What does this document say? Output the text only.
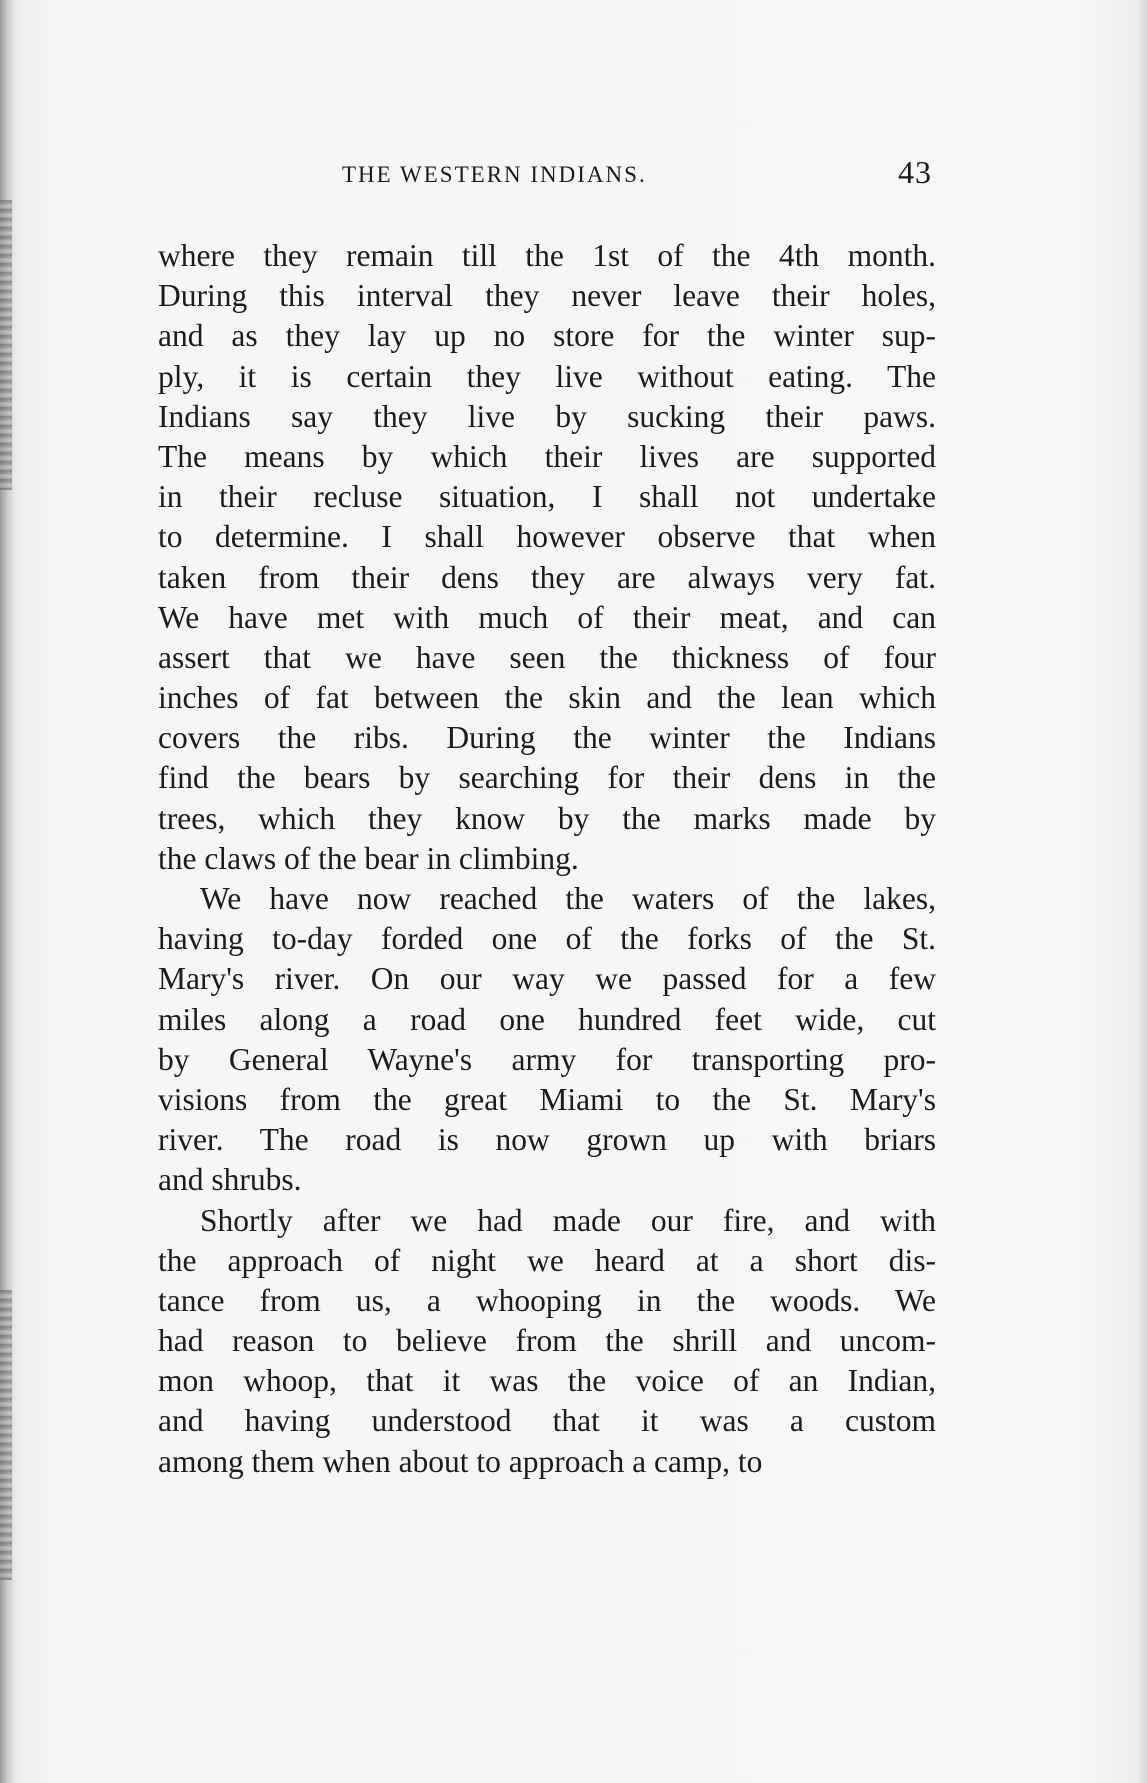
THE WESTERN INDIANS.	43
where they remain till the 1st of the 4th month.
During this interval they never leave their holes,
and as they lay up no store for the winter sup-
ply, it is certain they live without eating. The
Indians say they live by sucking their paws.
The means by which their lives are supported
in their recluse situation, I shall not undertake
to determine. I shall however observe that when
taken from their dens they are always very fat.
We have met with much of their meat, and can
assert that we have seen the thickness of four
inches of fat between the skin and the lean which
covers the ribs. During the winter the Indians
find the bears by searching for their dens in the
trees, which they know by the marks made by
the claws of the bear in climbing.
We have now reached the waters of the lakes,
having to-day forded one of the forks of the St.
Mary's river. On our way we passed for a few
miles along a road one hundred feet wide, cut
by General Wayne's army for transporting pro-
visions from the great Miami to the St. Mary's
river. The road is now grown up with briars
and shrubs.
Shortly after we had made our fire, and with
the approach of night we heard at a short dis-
tance from us, a whooping in the woods. We
had reason to believe from the shrill and uncom-
mon whoop, that it was the voice of an Indian,
and having understood that it was a custom
among them when about to approach a camp, to
